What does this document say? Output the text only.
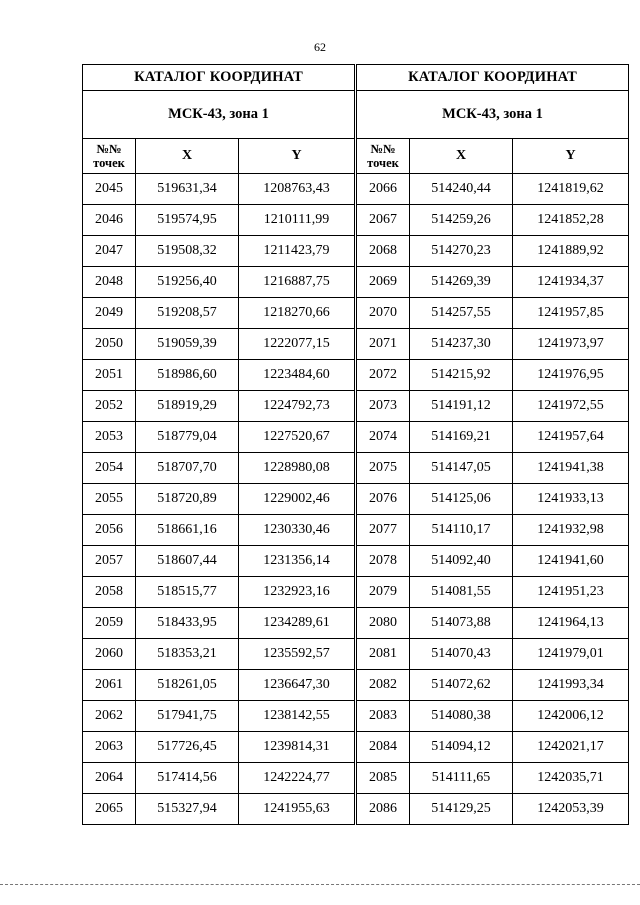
62
КАТАЛОГ КООРДИНАТ		
МСК-43, зона 1		
№№
точек	X	Y
2045	519631,34	1208763,43
2046	519574,95	1210111,99
2047	519508,32	1211423,79
2048	519256,40	1216887,75
2049	519208,57	1218270,66
2050	519059,39	1222077,15
2051	518986,60	1223484,60
2052	518919,29	1224792,73
2053	518779,04	1227520,67
2054	518707,70	1228980,08
2055	518720,89	1229002,46
2056	518661,16	1230330,46
2057	518607,44	1231356,14
2058	518515,77	1232923,16
2059	518433,95	1234289,61
2060	518353,21	1235592,57
2061	518261,05	1236647,30
2062	517941,75	1238142,55
2063	517726,45	1239814,31
2064	517414,56	1242224,77
2065	515327,94	1241955,63
КАТАЛОГ КООРДИНАТ		
МСК-43, зона 1		
№№
точек	X	Y
2066	514240,44	1241819,62
2067	514259,26	1241852,28
2068	514270,23	1241889,92
2069	514269,39	1241934,37
2070	514257,55	1241957,85
2071	514237,30	1241973,97
2072	514215,92	1241976,95
2073	514191,12	1241972,55
2074	514169,21	1241957,64
2075	514147,05	1241941,38
2076	514125,06	1241933,13
2077	514110,17	1241932,98
2078	514092,40	1241941,60
2079	514081,55	1241951,23
2080	514073,88	1241964,13
2081	514070,43	1241979,01
2082	514072,62	1241993,34
2083	514080,38	1242006,12
2084	514094,12	1242021,17
2085	514111,65	1242035,71
2086	514129,25	1242053,39
